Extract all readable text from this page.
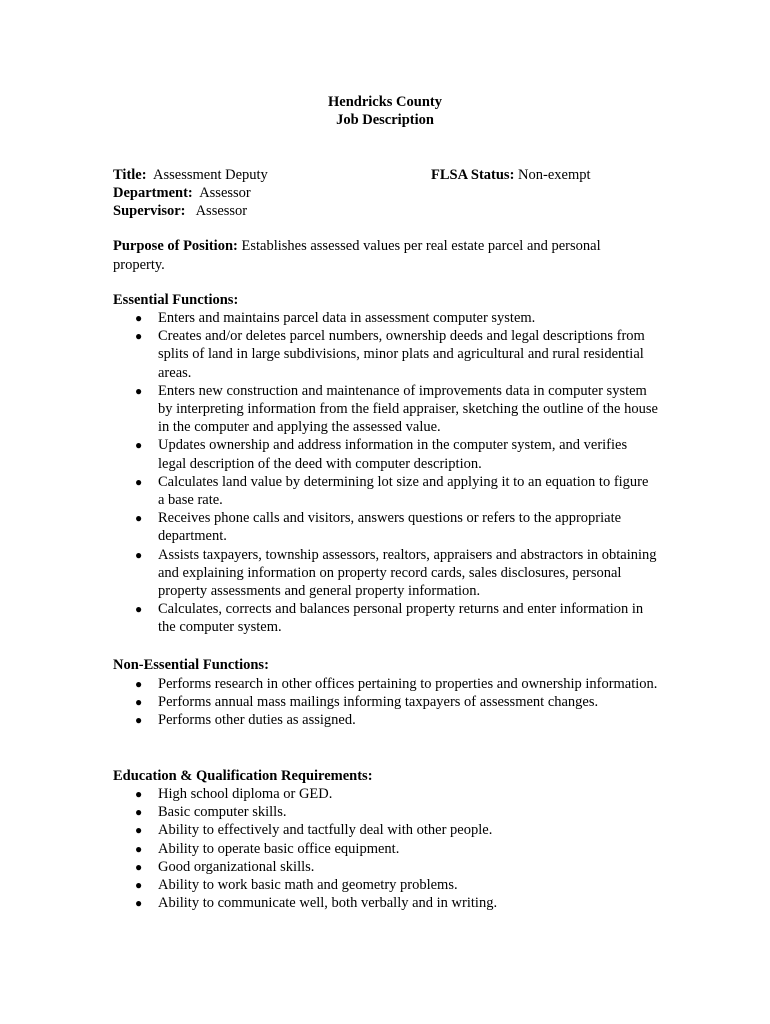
Hendricks County
Job Description
Title: Assessment Deputy	FLSA Status: Non-exempt
Department: Assessor
Supervisor: Assessor
Purpose of Position: Establishes assessed values per real estate parcel and personal property.
Essential Functions:
● Enters and maintains parcel data in assessment computer system.
● Creates and/or deletes parcel numbers, ownership deeds and legal descriptions from splits of land in large subdivisions, minor plats and agricultural and rural residential areas.
● Enters new construction and maintenance of improvements data in computer system by interpreting information from the field appraiser, sketching the outline of the house in the computer and applying the assessed value.
● Updates ownership and address information in the computer system, and verifies legal description of the deed with computer description.
● Calculates land value by determining lot size and applying it to an equation to figure a base rate.
● Receives phone calls and visitors, answers questions or refers to the appropriate department.
● Assists taxpayers, township assessors, realtors, appraisers and abstractors in obtaining and explaining information on property record cards, sales disclosures, personal property assessments and general property information.
● Calculates, corrects and balances personal property returns and enter information in the computer system.
Non-Essential Functions:
● Performs research in other offices pertaining to properties and ownership information.
● Performs annual mass mailings informing taxpayers of assessment changes.
● Performs other duties as assigned.
Education & Qualification Requirements:
● High school diploma or GED.
● Basic computer skills.
● Ability to effectively and tactfully deal with other people.
● Ability to operate basic office equipment.
● Good organizational skills.
● Ability to work basic math and geometry problems.
● Ability to communicate well, both verbally and in writing.
